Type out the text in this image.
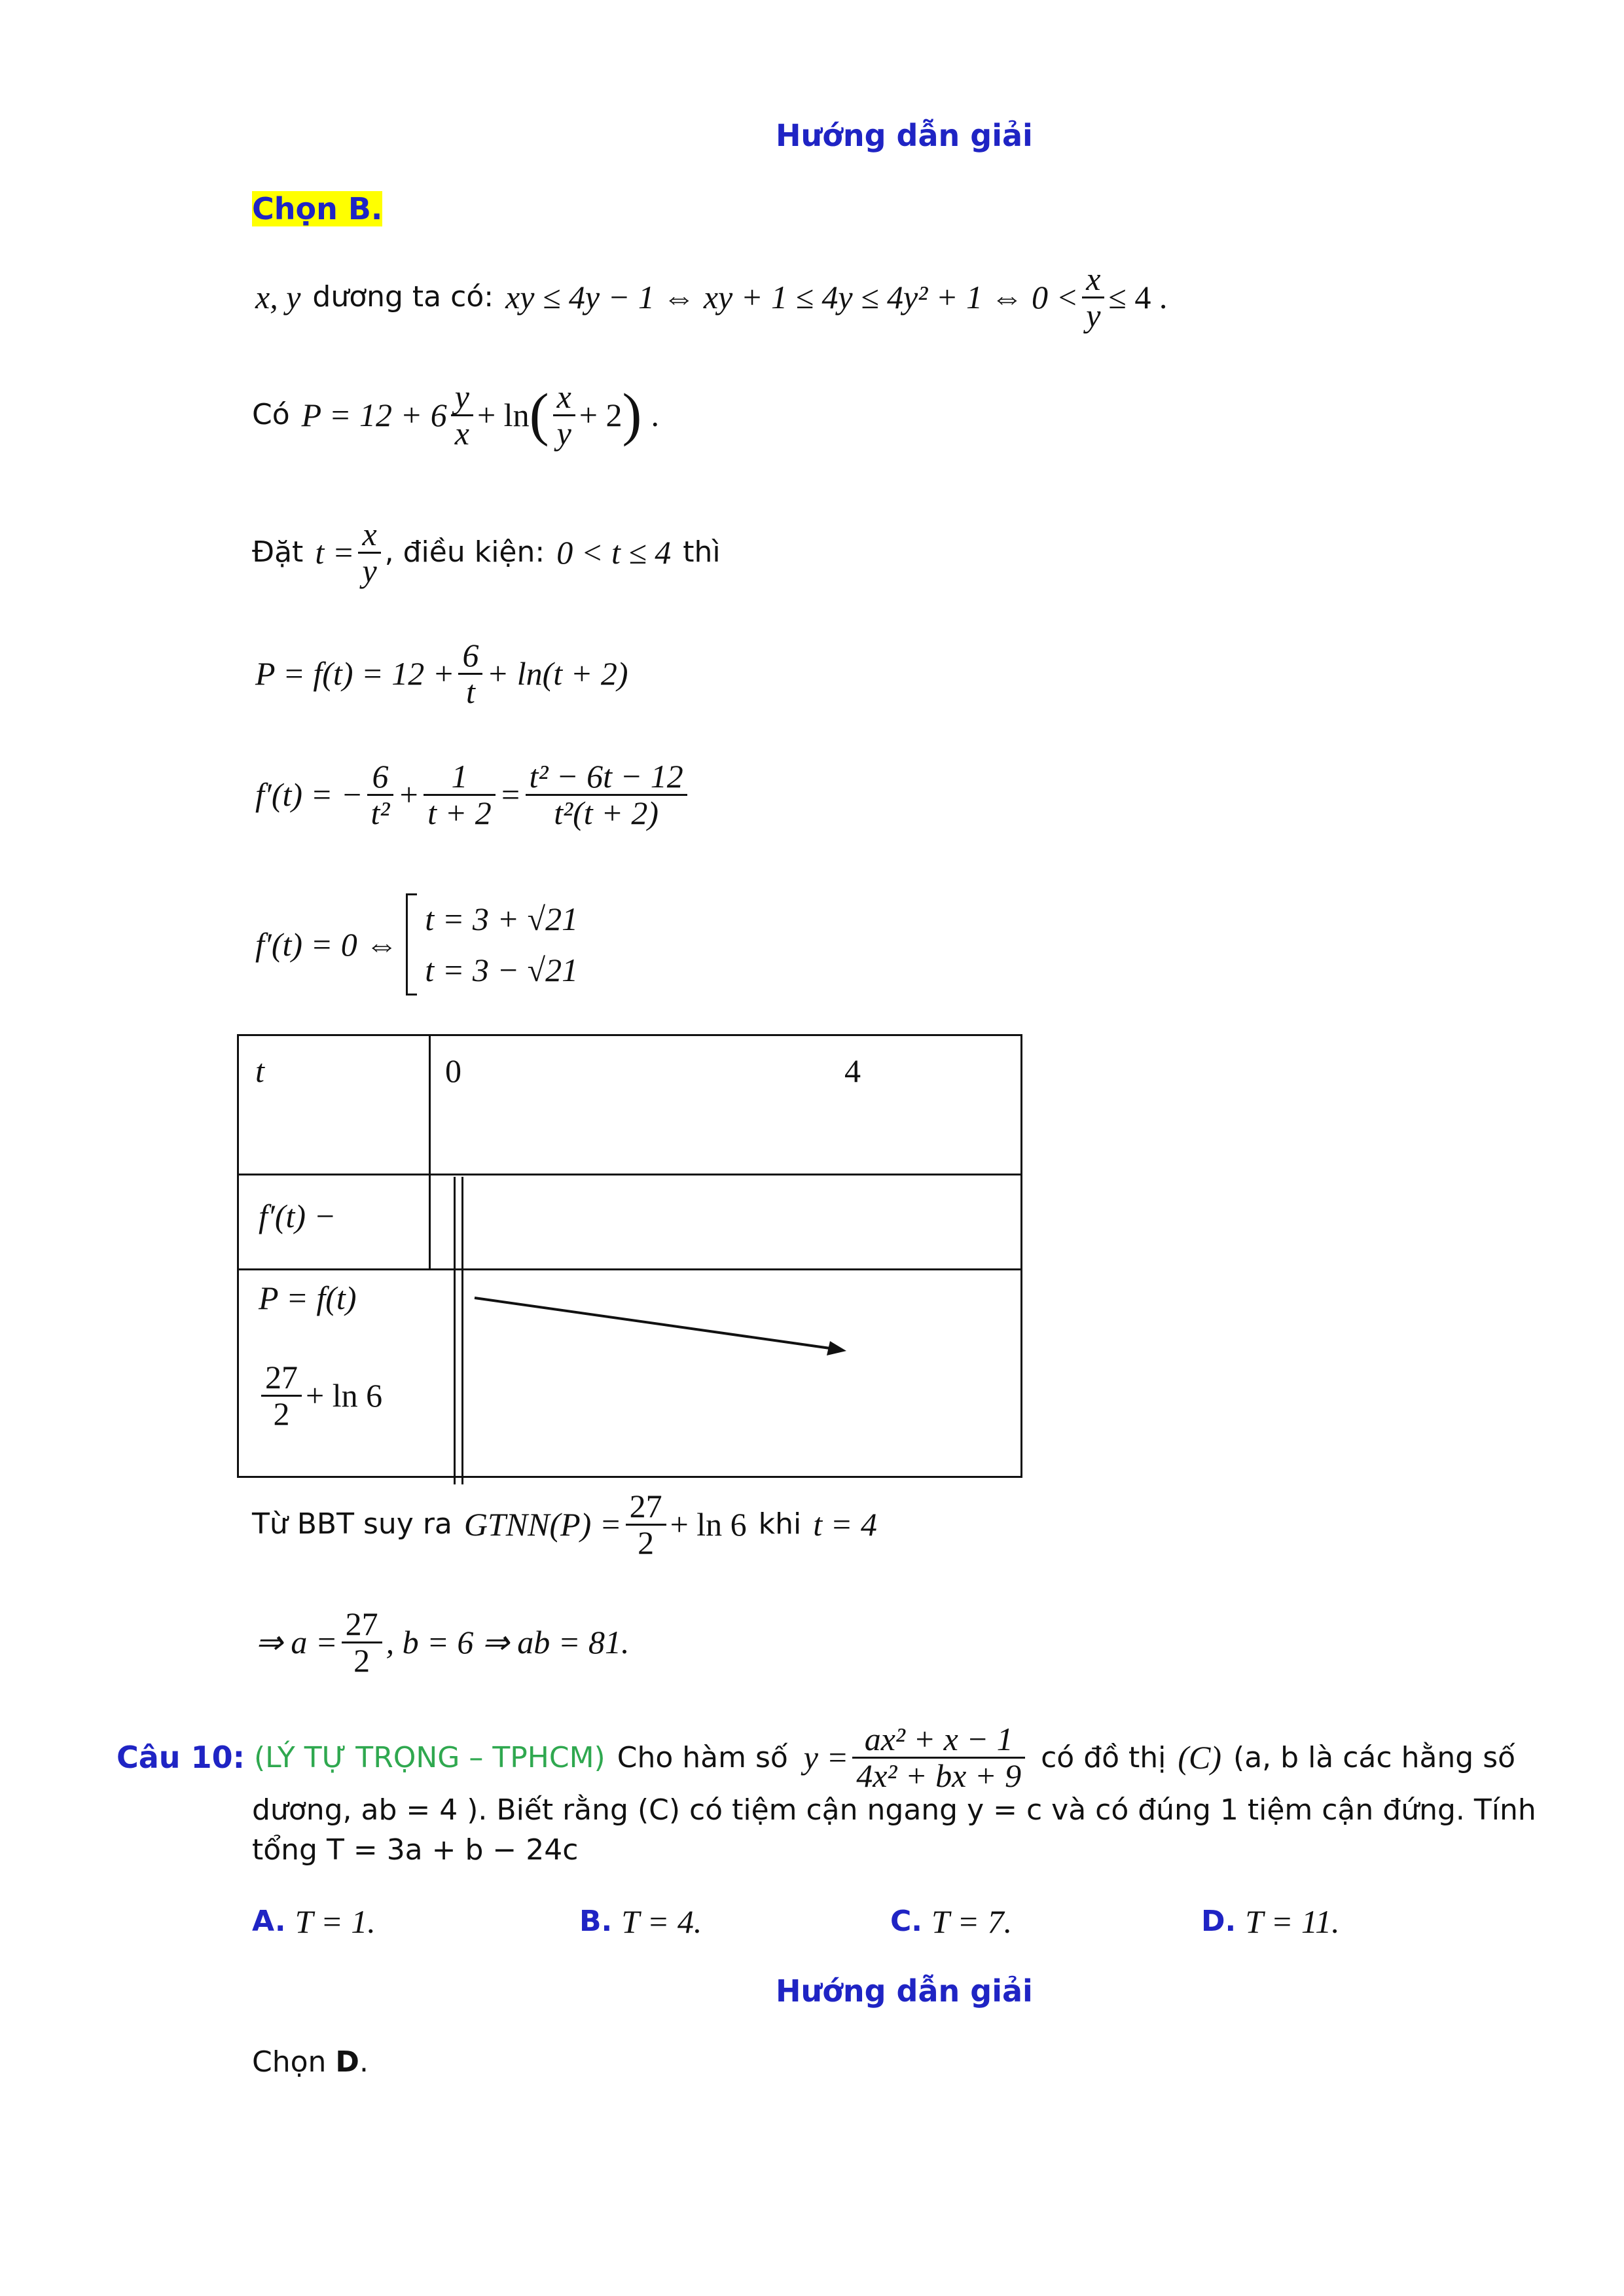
Hướng dẫn giải
Chọn B.
x, y dương ta có: xy ≤ 4y − 1 ⇔ xy + 1 ≤ 4y ≤ 4y² + 1 ⇔ $0 < \frac{x}{y} \le 4$ .
Có $P = 12 + 6 \frac{y}{x} + \ln$ ( $\frac{x}{y} + 2$ ) .
Đặt $t = \frac{x}{y}$ , điều kiện: 0 < t ≤ 4 thì
$P = f(t) = 12 + \frac{6}{t} + \ln(t + 2)$
f′(t) = − $\frac{6}{\text{t²}} + \frac{1}{t + 2} = \frac{\text{t² − 6t − 12}}{\text{t²(t + 2)}}$
f′(t) = 0 ⇔
t = 3 + √21
t = 3 − √21
t	0	4
f′(t) −
P = f(t)
$\frac{27}{2} + \ln 6$
Từ BBT suy ra GTNN(P) = $\frac{27}{2} + \ln 6$ khi t = 4
⇒ $a = \frac{27}{2}$ , b = 6 ⇒ ab = 81.
Câu 10: (LÝ TỰ TRỌNG – TPHCM) Cho hàm số $y = \frac{\text{ax² + x − 1}}{\text{4x² + bx + 9}}$ có đồ thị (C) (a, b là các hằng số
dương, ab = 4 ). Biết rằng (C) có tiệm cận ngang y = c và có đúng 1 tiệm cận đứng. Tính
tổng T = 3a + b − 24c
A. T = 1.	B. T = 4.	C. T = 7.	D. T = 11.
Hướng dẫn giải
Chọn D.
